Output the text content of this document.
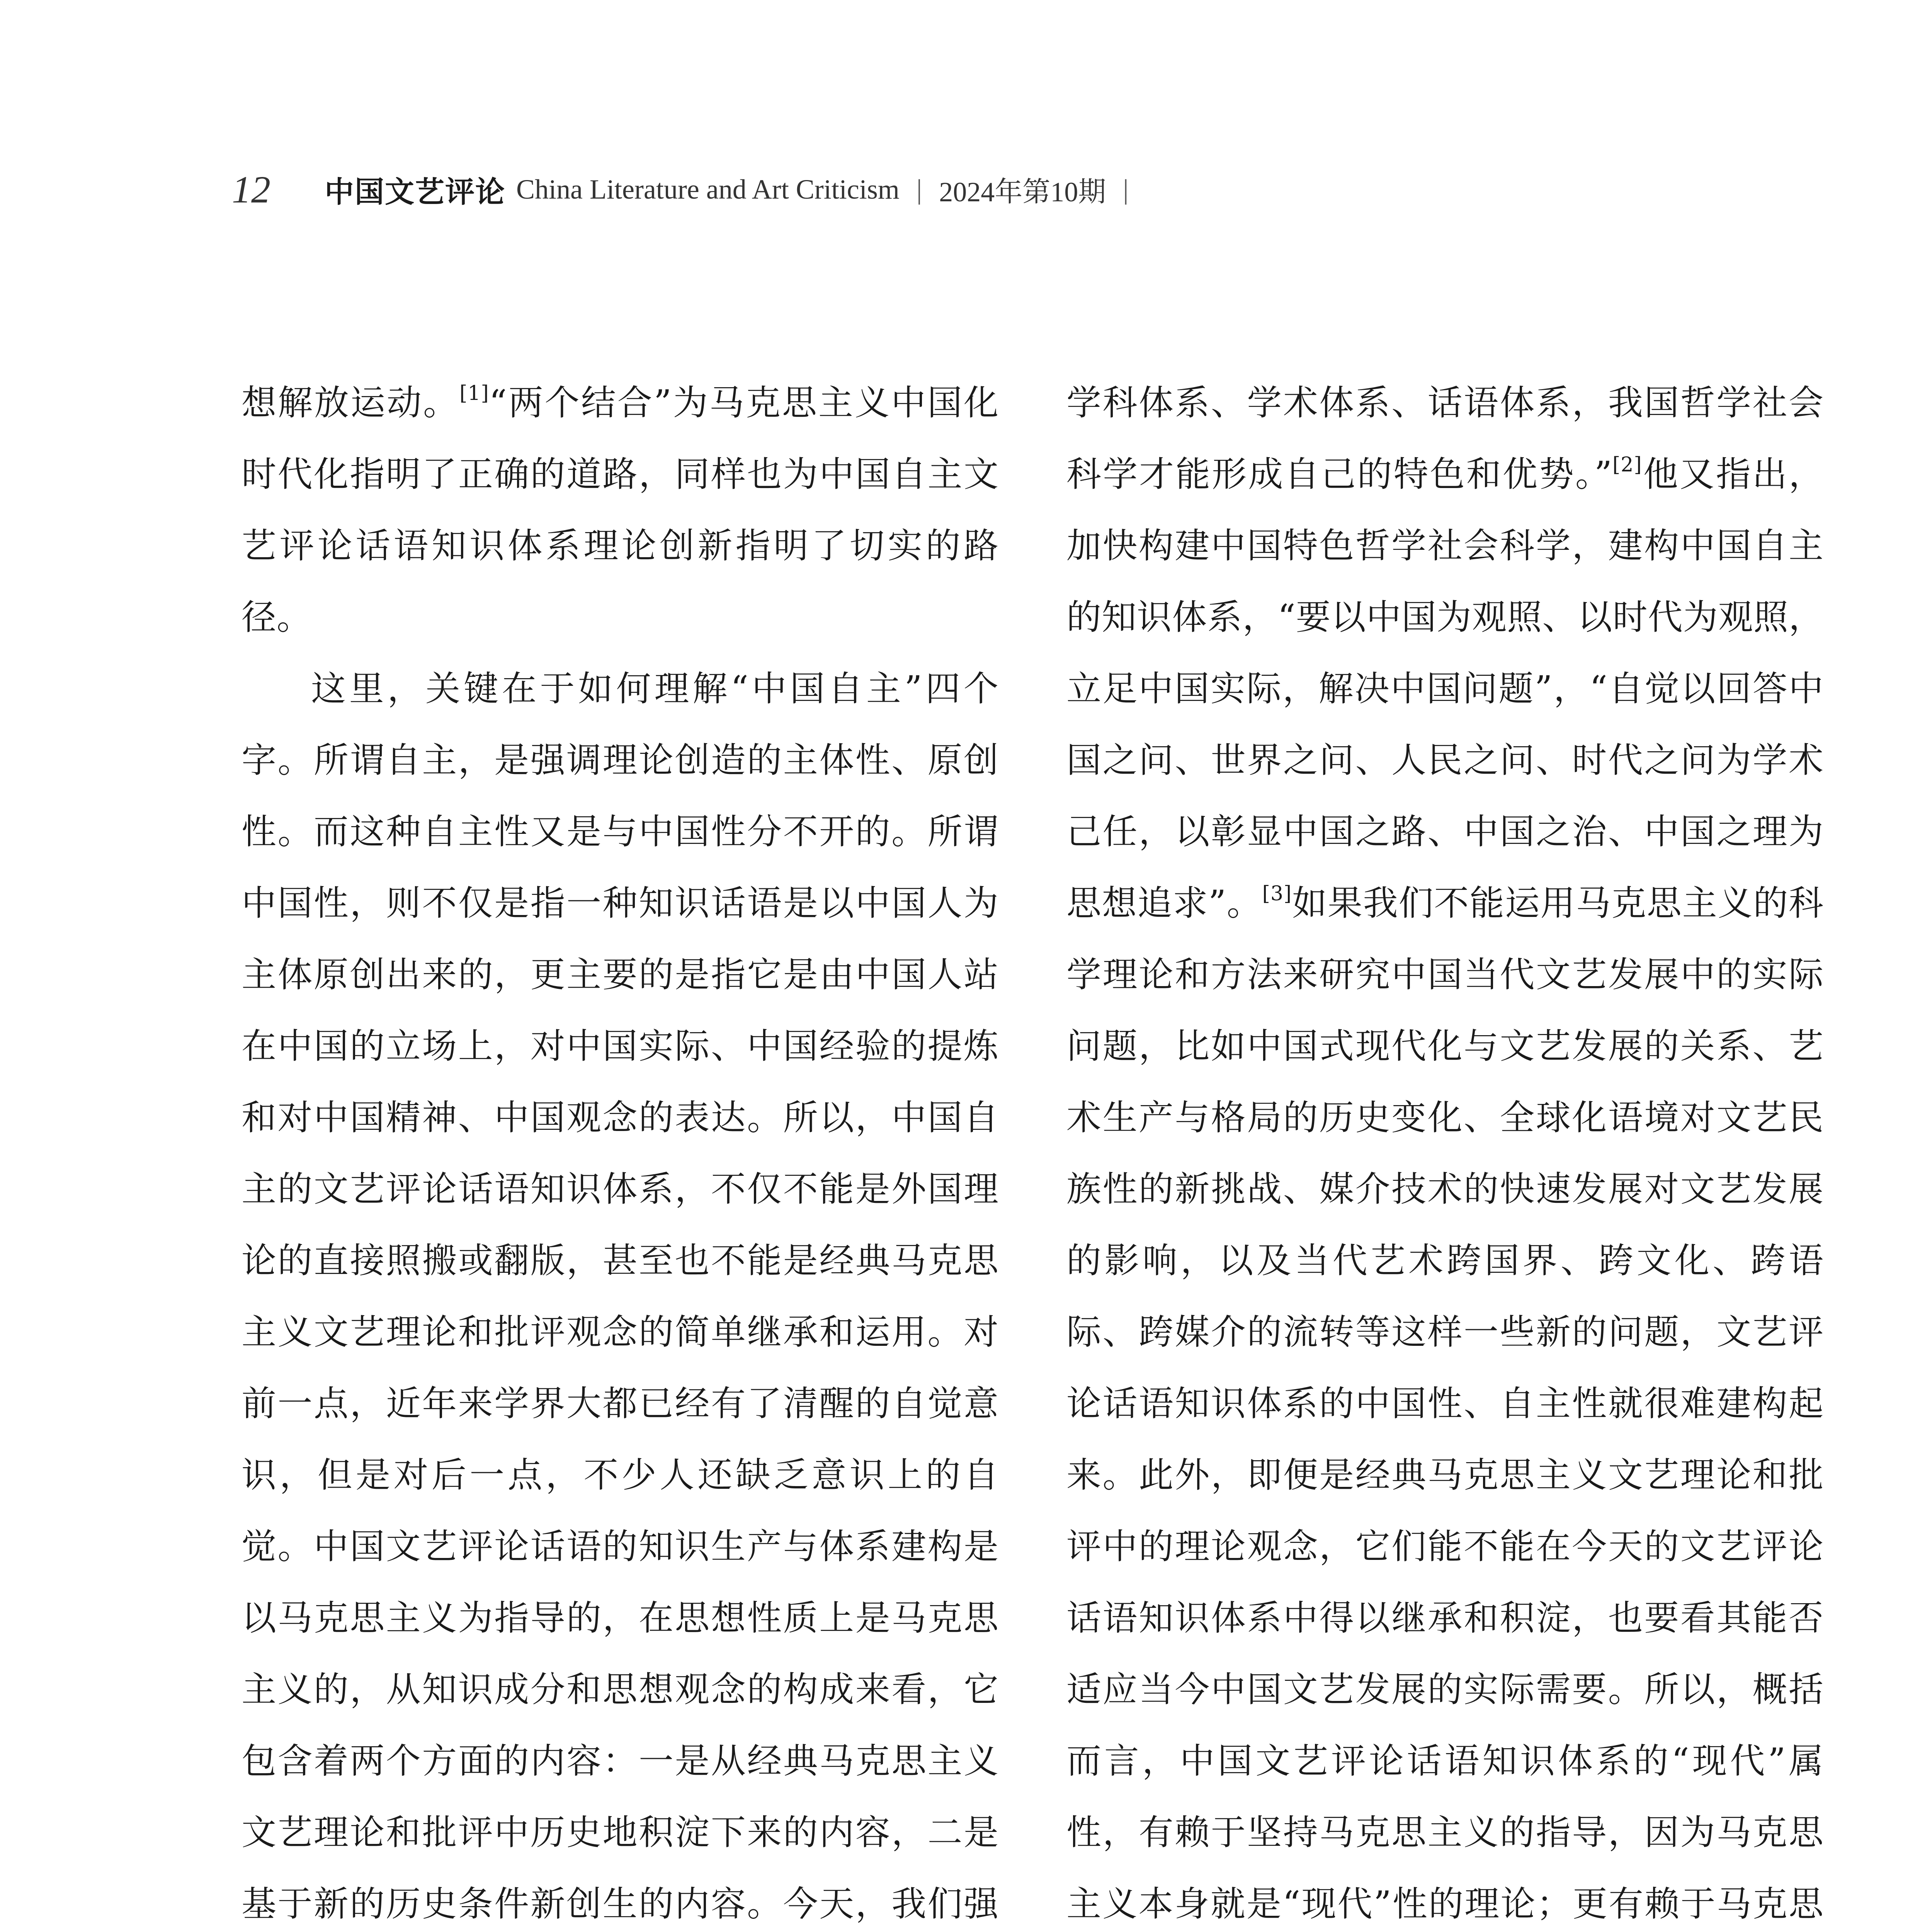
12 中国文艺评论 China Literature and Art Criticism | 2024年第10期 |

想解放运动。[1]“两个结合”为马克思主义中国化时代化指明了正确的道路，同样也为中国自主文艺评论话语知识体系理论创新指明了切实的路径。

这里，关键在于如何理解“中国自主”四个字。所谓自主，是强调理论创造的主体性、原创性。而这种自主性又是与中国性分不开的。所谓中国性，则不仅是指一种知识话语是以中国人为主体原创出来的，更主要的是指它是由中国人站在中国的立场上，对中国实际、中国经验的提炼和对中国精神、中国观念的表达。所以，中国自主的文艺评论话语知识体系，不仅不能是外国理论的直接照搬或翻版，甚至也不能是经典马克思主义文艺理论和批评观念的简单继承和运用。对前一点，近年来学界大都已经有了清醒的自觉意识，但是对后一点，不少人还缺乏意识上的自觉。中国文艺评论话语的知识生产与体系建构是以马克思主义为指导的，在思想性质上是马克思主义的，从知识成分和思想观念的构成来看，它包含着两个方面的内容：一是从经典马克思主义文艺理论和批评中历史地积淀下来的内容，二是基于新的历史条件新创生的内容。今天，我们强

学科体系、学术体系、话语体系，我国哲学社会科学才能形成自己的特色和优势。”[2]他又指出，加快构建中国特色哲学社会科学，建构中国自主的知识体系，“要以中国为观照、以时代为观照，立足中国实际，解决中国问题”，“自觉以回答中国之问、世界之问、人民之问、时代之问为学术己任，以彰显中国之路、中国之治、中国之理为思想追求”。[3]如果我们不能运用马克思主义的科学理论和方法来研究中国当代文艺发展中的实际问题，比如中国式现代化与文艺发展的关系、艺术生产与格局的历史变化、全球化语境对文艺民族性的新挑战、媒介技术的快速发展对文艺发展的影响，以及当代艺术跨国界、跨文化、跨语际、跨媒介的流转等这样一些新的问题，文艺评论话语知识体系的中国性、自主性就很难建构起来。此外，即便是经典马克思主义文艺理论和批评中的理论观念，它们能不能在今天的文艺评论话语知识体系中得以继承和积淀，也要看其能否适应当今中国文艺发展的实际需要。所以，概括而言，中国文艺评论话语知识体系的“现代”属性，有赖于坚持马克思主义的指导，因为马克思主义本身就是“现代”性的理论；更有赖于马克思
